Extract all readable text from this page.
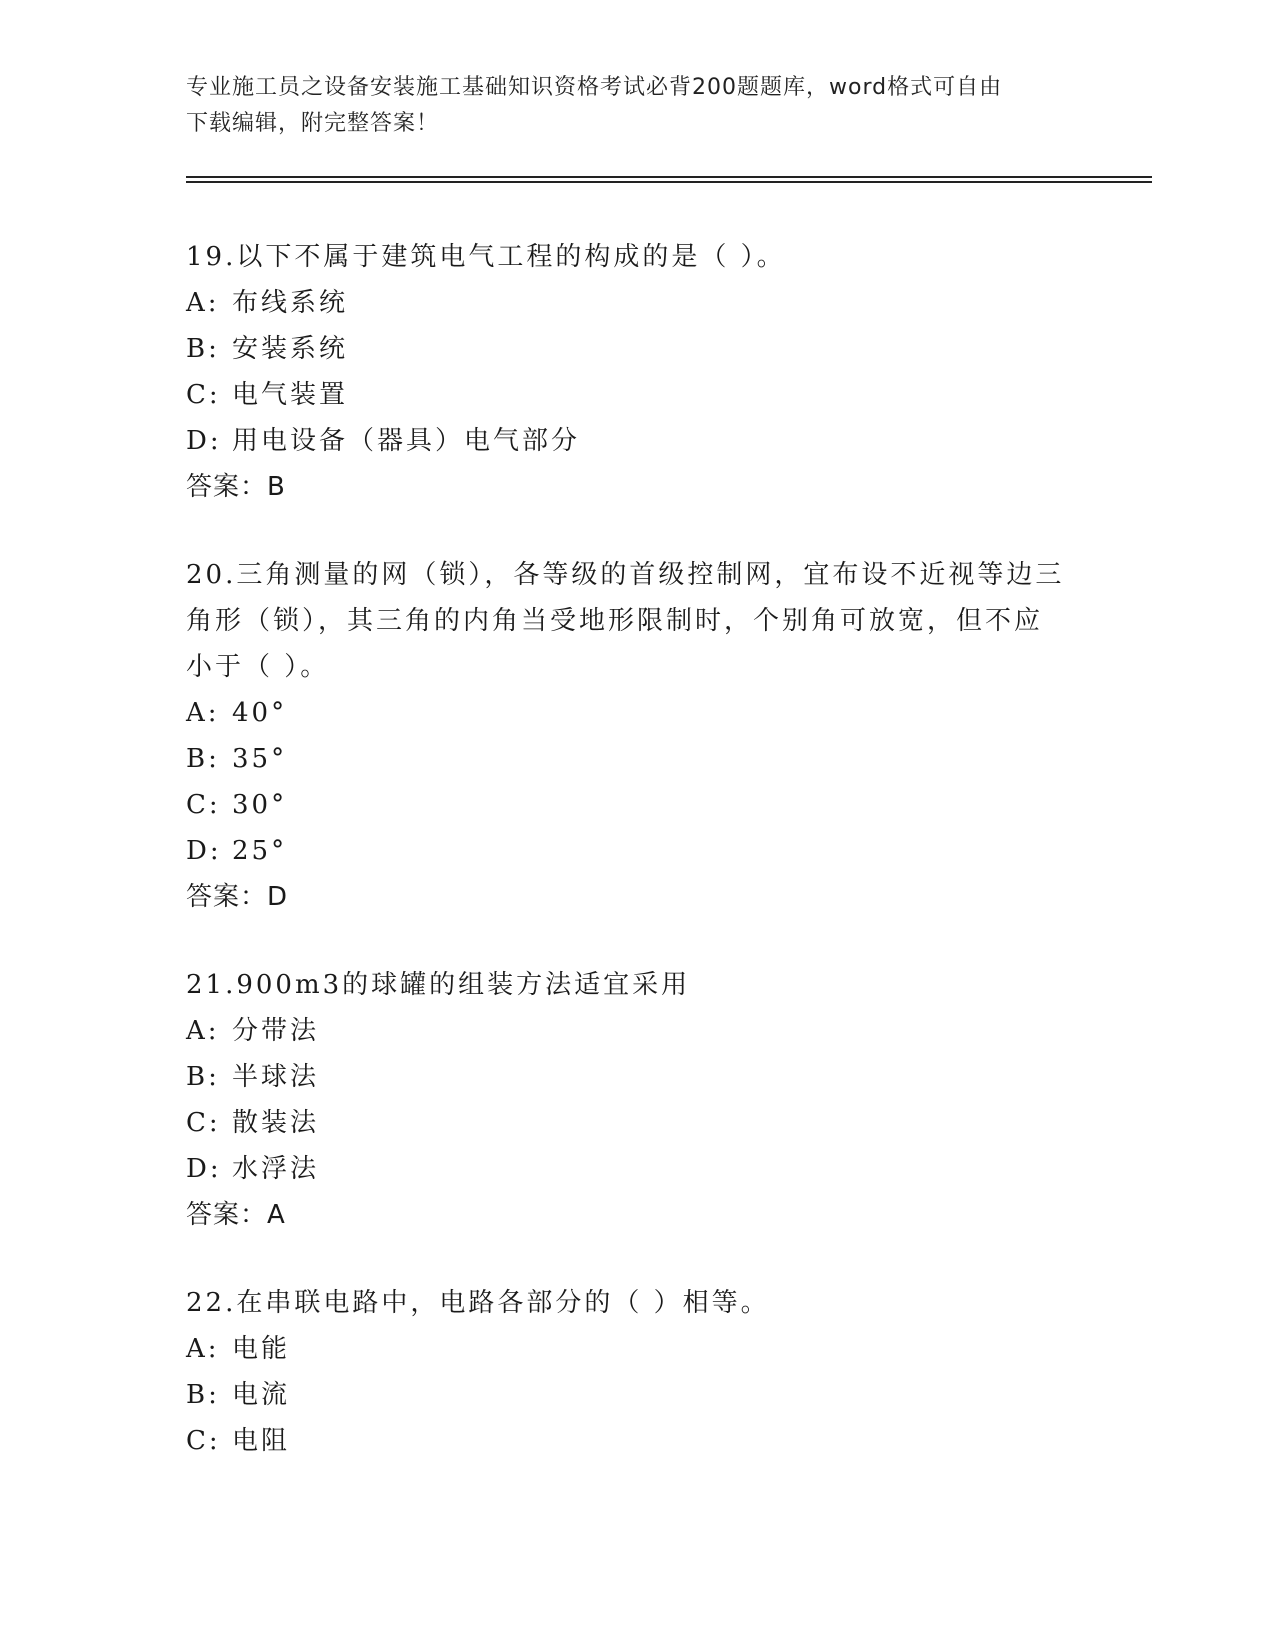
专业施工员之设备安装施工基础知识资格考试必背200题题库，word格式可自由
下载编辑，附完整答案！

19.以下不属于建筑电气工程的构成的是（ ）。

A: 布线系统

B: 安装系统

C: 电气装置

D: 用电设备（器具）电气部分

答案：B

20.三角测量的网（锁），各等级的首级控制网，宜布设不近视等边三

角形（锁），其三角的内角当受地形限制时，个别角可放宽，但不应

小于（ ）。

A: 40°

B: 35°

C: 30°

D: 25°

答案：D

21.900m3的球罐的组装方法适宜采用

A: 分带法

B: 半球法

C: 散装法

D: 水浮法

答案：A

22.在串联电路中，电路各部分的（ ）相等。

A: 电能

B: 电流

C: 电阻
